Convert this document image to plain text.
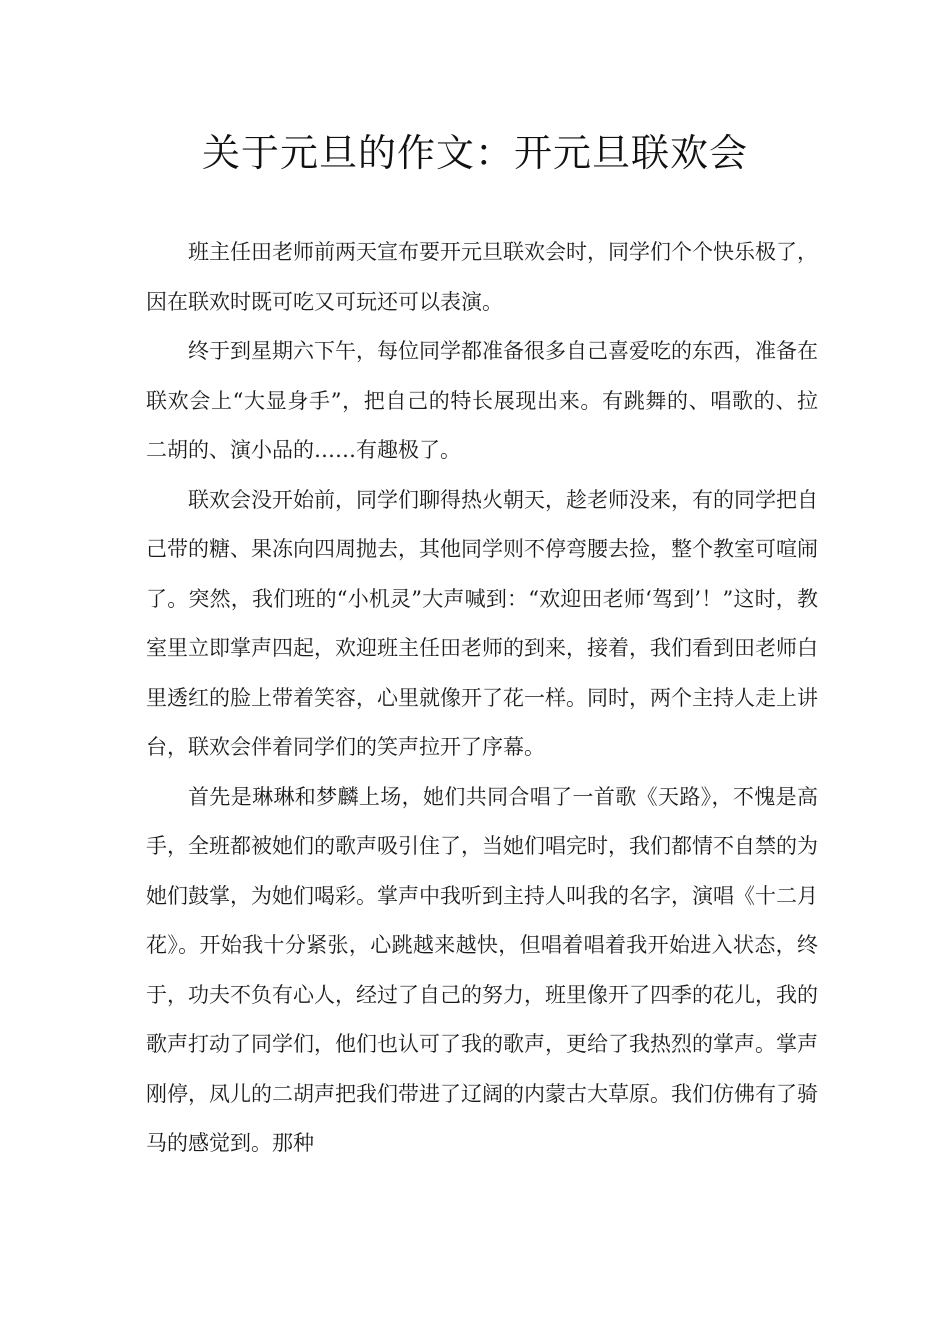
关于元旦的作文：开元旦联欢会

班主任田老师前两天宣布要开元旦联欢会时，同学们个个快乐极了，因在联欢时既可吃又可玩还可以表演。

终于到星期六下午，每位同学都准备很多自己喜爱吃的东西，准备在联欢会上“大显身手”，把自己的特长展现出来。有跳舞的、唱歌的、拉二胡的、演小品的……有趣极了。

联欢会没开始前，同学们聊得热火朝天，趁老师没来，有的同学把自己带的糖、果冻向四周抛去，其他同学则不停弯腰去捡，整个教室可喧闹了。突然，我们班的“小机灵”大声喊到：“欢迎田老师‘驾到’！”这时，教室里立即掌声四起，欢迎班主任田老师的到来，接着，我们看到田老师白里透红的脸上带着笑容，心里就像开了花一样。同时，两个主持人走上讲台，联欢会伴着同学们的笑声拉开了序幕。

首先是琳琳和梦麟上场，她们共同合唱了一首歌《天路》，不愧是高手，全班都被她们的歌声吸引住了，当她们唱完时，我们都情不自禁的为她们鼓掌，为她们喝彩。掌声中我听到主持人叫我的名字，演唱《十二月花》。开始我十分紧张，心跳越来越快，但唱着唱着我开始进入状态，终于，功夫不负有心人，经过了自己的努力，班里像开了四季的花儿，我的歌声打动了同学们，他们也认可了我的歌声，更给了我热烈的掌声。掌声刚停，凤儿的二胡声把我们带进了辽阔的内蒙古大草原。我们仿佛有了骑马的感觉到。那种
